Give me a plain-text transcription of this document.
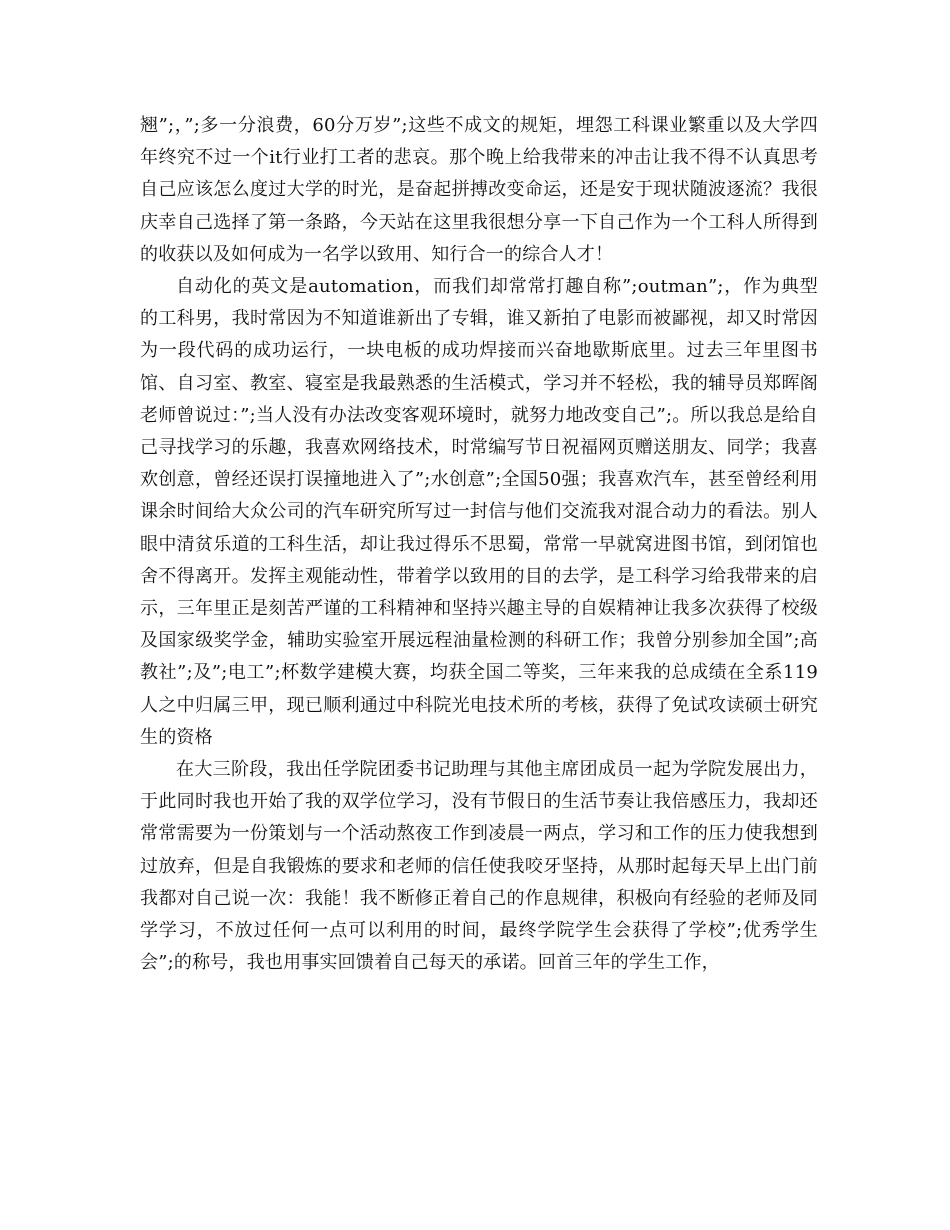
翘”;，”;多一分浪费，60分万岁”;这些不成文的规矩，埋怨工科课业繁重以及大学四年终究不过一个it行业打工者的悲哀。那个晚上给我带来的冲击让我不得不认真思考自己应该怎么度过大学的时光，是奋起拼搏改变命运，还是安于现状随波逐流？我很庆幸自己选择了第一条路，今天站在这里我很想分享一下自己作为一个工科人所得到的收获以及如何成为一名学以致用、知行合一的综合人才！

自动化的英文是automation，而我们却常常打趣自称”;outman”;，作为典型的工科男，我时常因为不知道谁新出了专辑，谁又新拍了电影而被鄙视，却又时常因为一段代码的成功运行，一块电板的成功焊接而兴奋地歇斯底里。过去三年里图书馆、自习室、教室、寝室是我最熟悉的生活模式，学习并不轻松，我的辅导员郑晖阁老师曾说过：”;当人没有办法改变客观环境时，就努力地改变自己”;。所以我总是给自己寻找学习的乐趣，我喜欢网络技术，时常编写节日祝福网页赠送朋友、同学；我喜欢创意，曾经还误打误撞地进入了”;水创意”;全国50强；我喜欢汽车，甚至曾经利用课余时间给大众公司的汽车研究所写过一封信与他们交流我对混合动力的看法。别人眼中清贫乐道的工科生活，却让我过得乐不思蜀，常常一早就窝进图书馆，到闭馆也舍不得离开。发挥主观能动性，带着学以致用的目的去学，是工科学习给我带来的启示，三年里正是刻苦严谨的工科精神和坚持兴趣主导的自娱精神让我多次获得了校级及国家级奖学金，辅助实验室开展远程油量检测的科研工作；我曾分别参加全国”;高教社”;及”;电工”;杯数学建模大赛，均获全国二等奖，三年来我的总成绩在全系119人之中归属三甲，现已顺利通过中科院光电技术所的考核，获得了免试攻读硕士研究生的资格

在大三阶段，我出任学院团委书记助理与其他主席团成员一起为学院发展出力，于此同时我也开始了我的双学位学习，没有节假日的生活节奏让我倍感压力，我却还常常需要为一份策划与一个活动熬夜工作到凌晨一两点，学习和工作的压力使我想到过放弃，但是自我锻炼的要求和老师的信任使我咬牙坚持，从那时起每天早上出门前我都对自己说一次：我能！我不断修正着自己的作息规律，积极向有经验的老师及同学学习，不放过任何一点可以利用的时间，最终学院学生会获得了学校”;优秀学生会”;的称号，我也用事实回馈着自己每天的承诺。回首三年的学生工作，
